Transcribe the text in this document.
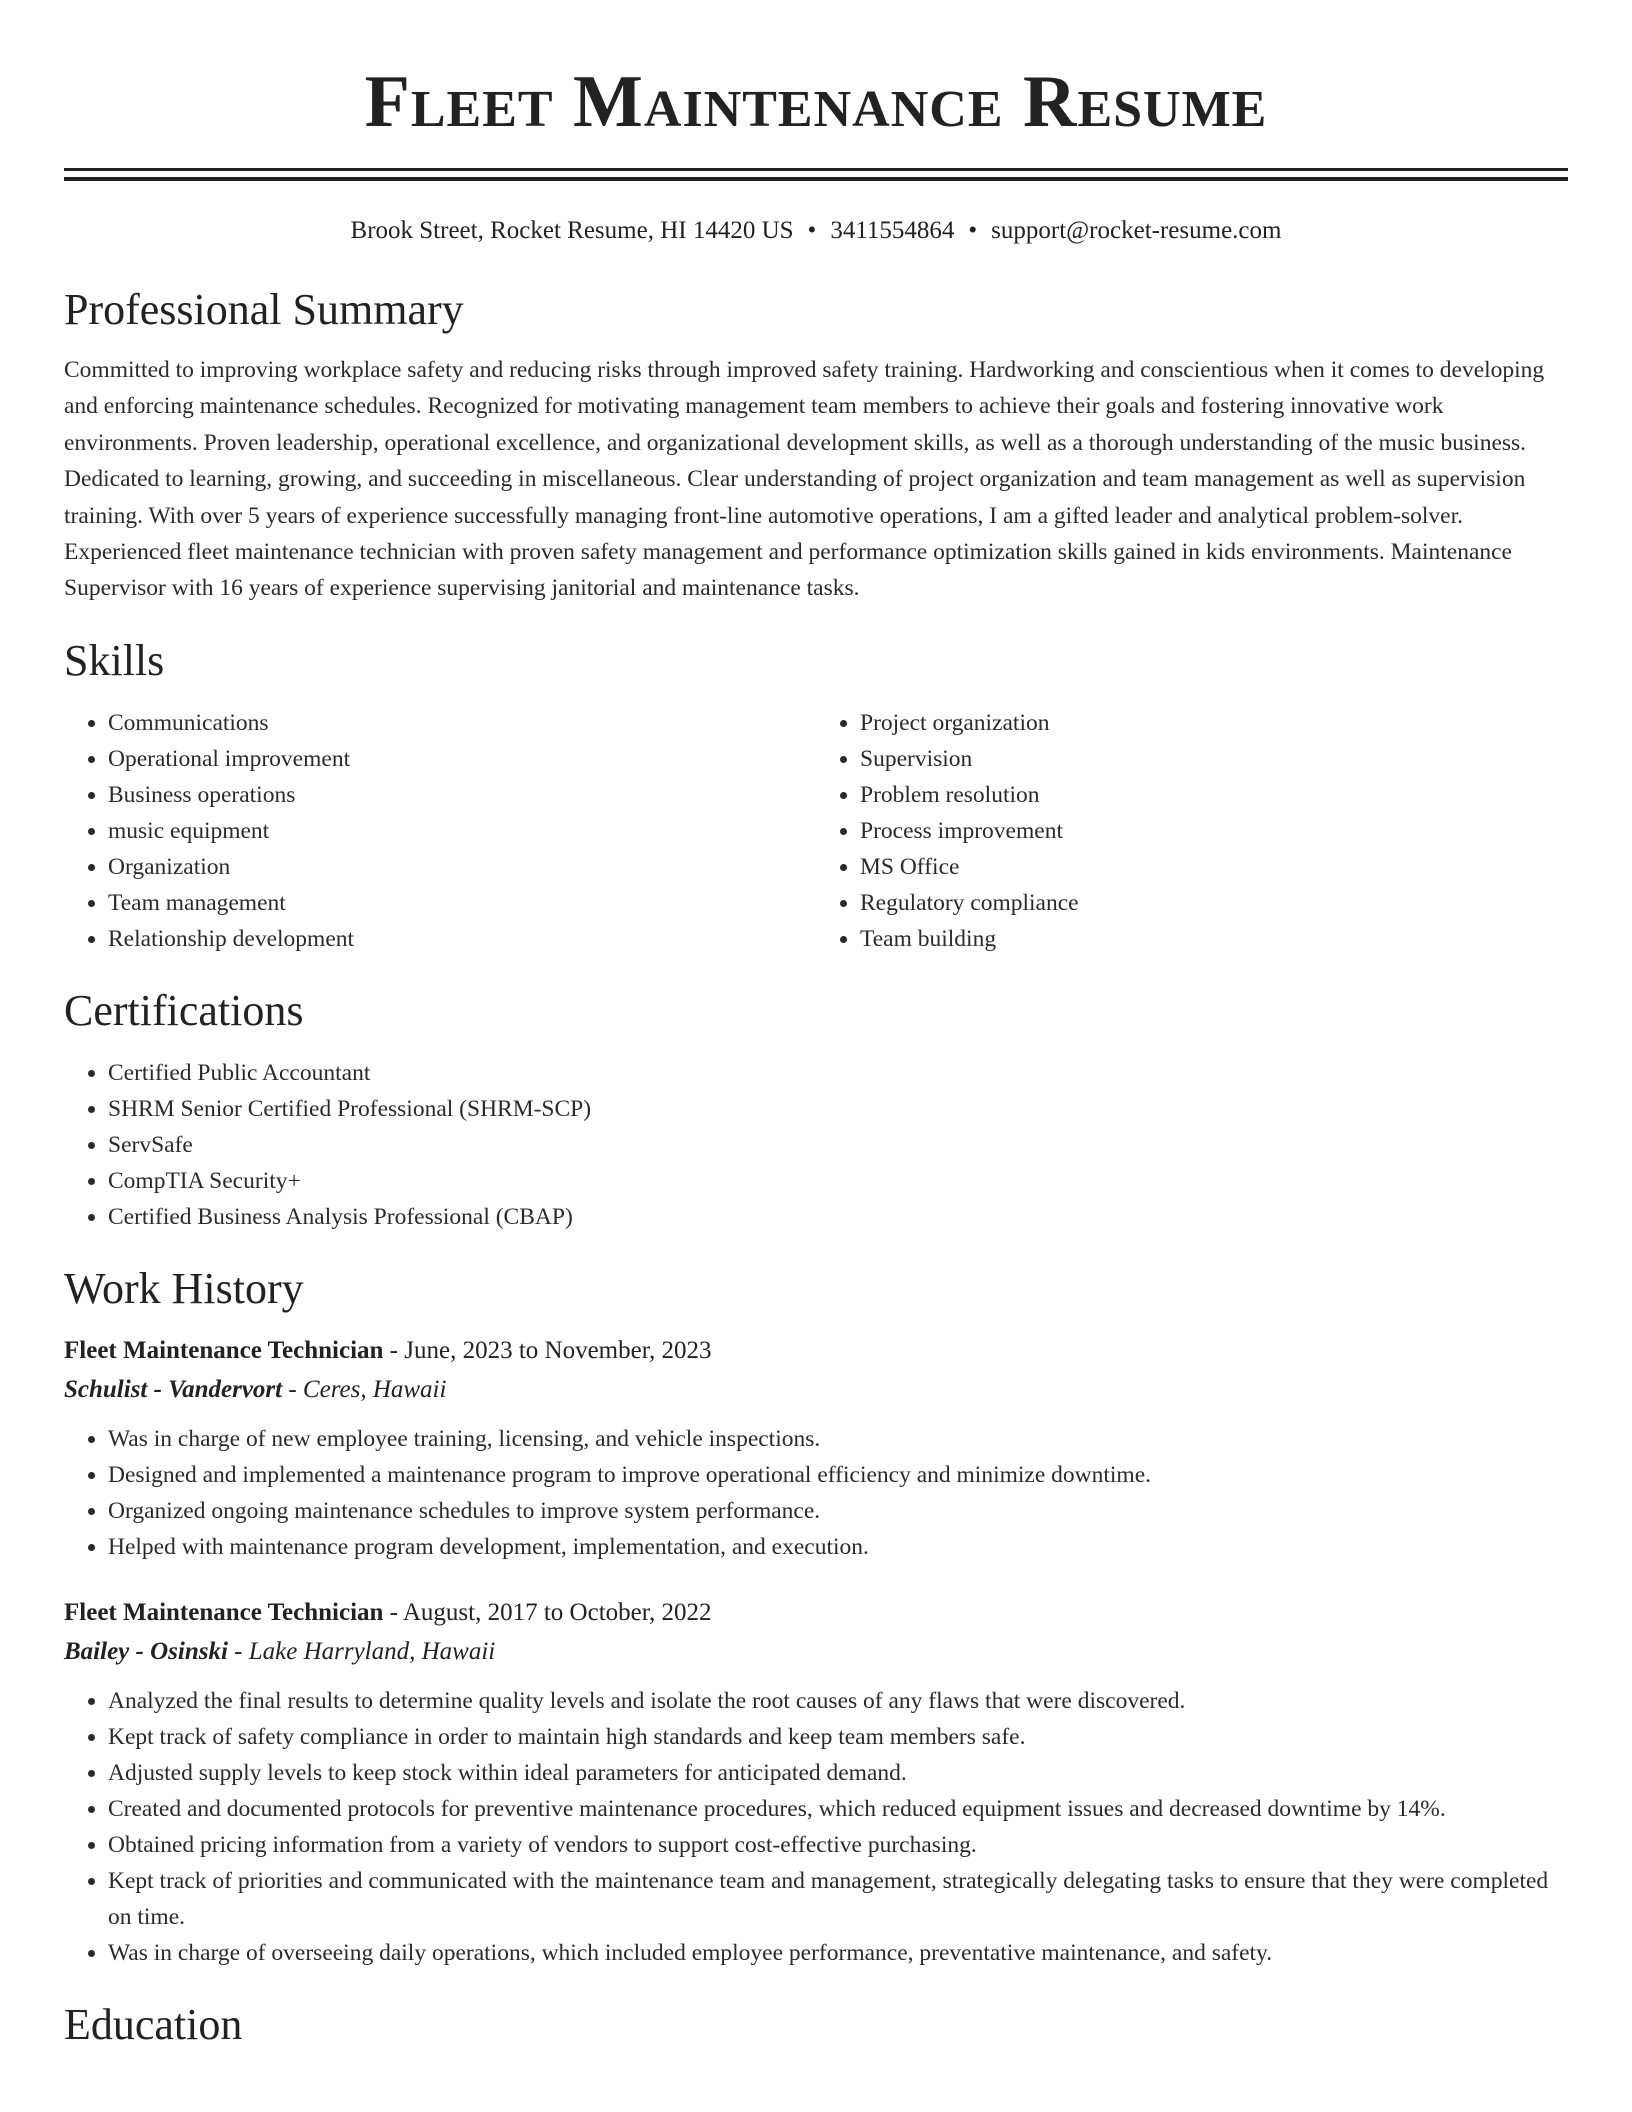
Fleet Maintenance Resume
Brook Street, Rocket Resume, HI 14420 US • 3411554864 • support@rocket-resume.com
Professional Summary

Committed to improving workplace safety and reducing risks through improved safety training. Hardworking and conscientious when it comes to developing and enforcing maintenance schedules. Recognized for motivating management team members to achieve their goals and fostering innovative work environments. Proven leadership, operational excellence, and organizational development skills, as well as a thorough understanding of the music business. Dedicated to learning, growing, and succeeding in miscellaneous. Clear understanding of project organization and team management as well as supervision training. With over 5 years of experience successfully managing front-line automotive operations, I am a gifted leader and analytical problem-solver. Experienced fleet maintenance technician with proven safety management and performance optimization skills gained in kids environments. Maintenance Supervisor with 16 years of experience supervising janitorial and maintenance tasks.

Skills
• Communications
• Operational improvement
• Business operations
• music equipment
• Organization
• Team management
• Relationship development
• Project organization
• Supervision
• Problem resolution
• Process improvement
• MS Office
• Regulatory compliance
• Team building
Certifications
• Certified Public Accountant
• SHRM Senior Certified Professional (SHRM-SCP)
• ServSafe
• CompTIA Security+
• Certified Business Analysis Professional (CBAP)
Work History
Fleet Maintenance Technician - June, 2023 to November, 2023
Schulist - Vandervort - Ceres, Hawaii
• Was in charge of new employee training, licensing, and vehicle inspections.
• Designed and implemented a maintenance program to improve operational efficiency and minimize downtime.
• Organized ongoing maintenance schedules to improve system performance.
• Helped with maintenance program development, implementation, and execution.
Fleet Maintenance Technician - August, 2017 to October, 2022
Bailey - Osinski - Lake Harryland, Hawaii
• Analyzed the final results to determine quality levels and isolate the root causes of any flaws that were discovered.
• Kept track of safety compliance in order to maintain high standards and keep team members safe.
• Adjusted supply levels to keep stock within ideal parameters for anticipated demand.
• Created and documented protocols for preventive maintenance procedures, which reduced equipment issues and decreased downtime by 14%.
• Obtained pricing information from a variety of vendors to support cost-effective purchasing.
• Kept track of priorities and communicated with the maintenance team and management, strategically delegating tasks to ensure that they were completed on time.
• Was in charge of overseeing daily operations, which included employee performance, preventative maintenance, and safety.
Education
